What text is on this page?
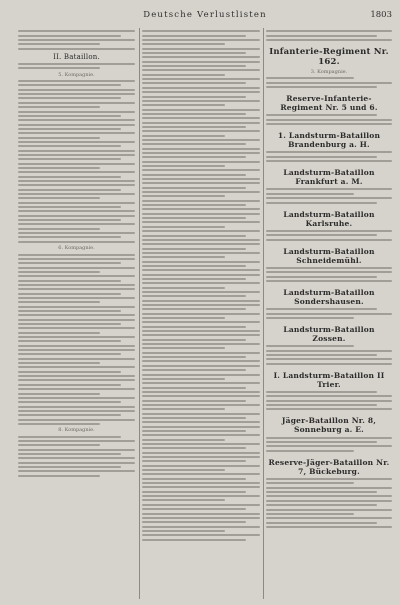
Deutsche Verlustlisten	1803
II. Bataillon.
5. Kompagnie.
6. Kompagnie.
8. Kompagnie.
Infanterie-Regiment Nr. 162.
3. Kompagnie.
Reserve-Infanterie-Regiment Nr. 5 und 6.
1. Landsturm-Bataillon Brandenburg a. H.
Landsturm-Bataillon Frankfurt a. M.
Landsturm-Bataillon Karlsruhe.
Landsturm-Bataillon Schneidemühl.
Landsturm-Bataillon Sondershausen.
Landsturm-Bataillon Zossen.
I. Landsturm-Bataillon II Trier.
Jäger-Bataillon Nr. 8, Sonneburg a. E.
Reserve-Jäger-Bataillon Nr. 7, Bückeburg.
